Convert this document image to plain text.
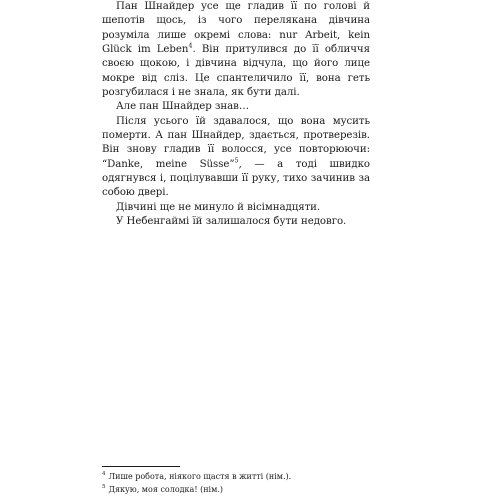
Пан Шнайдер усе ще гладив її по голові й шепотів щось, із чого перелякана дівчина розуміла лише окремі слова: nur Arbeit, kein Glück im Leben$^4$. Він притулився до її обличчя своєю щокою, і дівчина відчула, що його лице мокре від сліз. Це спантеличило її, вона геть розгубилася і не знала, як бути далі.

Але пан Шнайдер знав…

Після усього їй здавалося, що вона мусить померти. А пан Шнайдер, здається, протверезів. Він знову гладив її волосся, усе повторюючи: “Danke, meine Süsse”$^5$, — а тоді швидко одягнувся і, поцілувавши її руку, тихо зачинив за собою двері.

Дівчині ще не минуло й вісімнадцяти.

У Небенгаймі їй залишалося бути недовго.

$^4$ Лише робота, ніякого щастя в житті (нім.).

$^5$ Дякую, моя солодка! (нім.)
